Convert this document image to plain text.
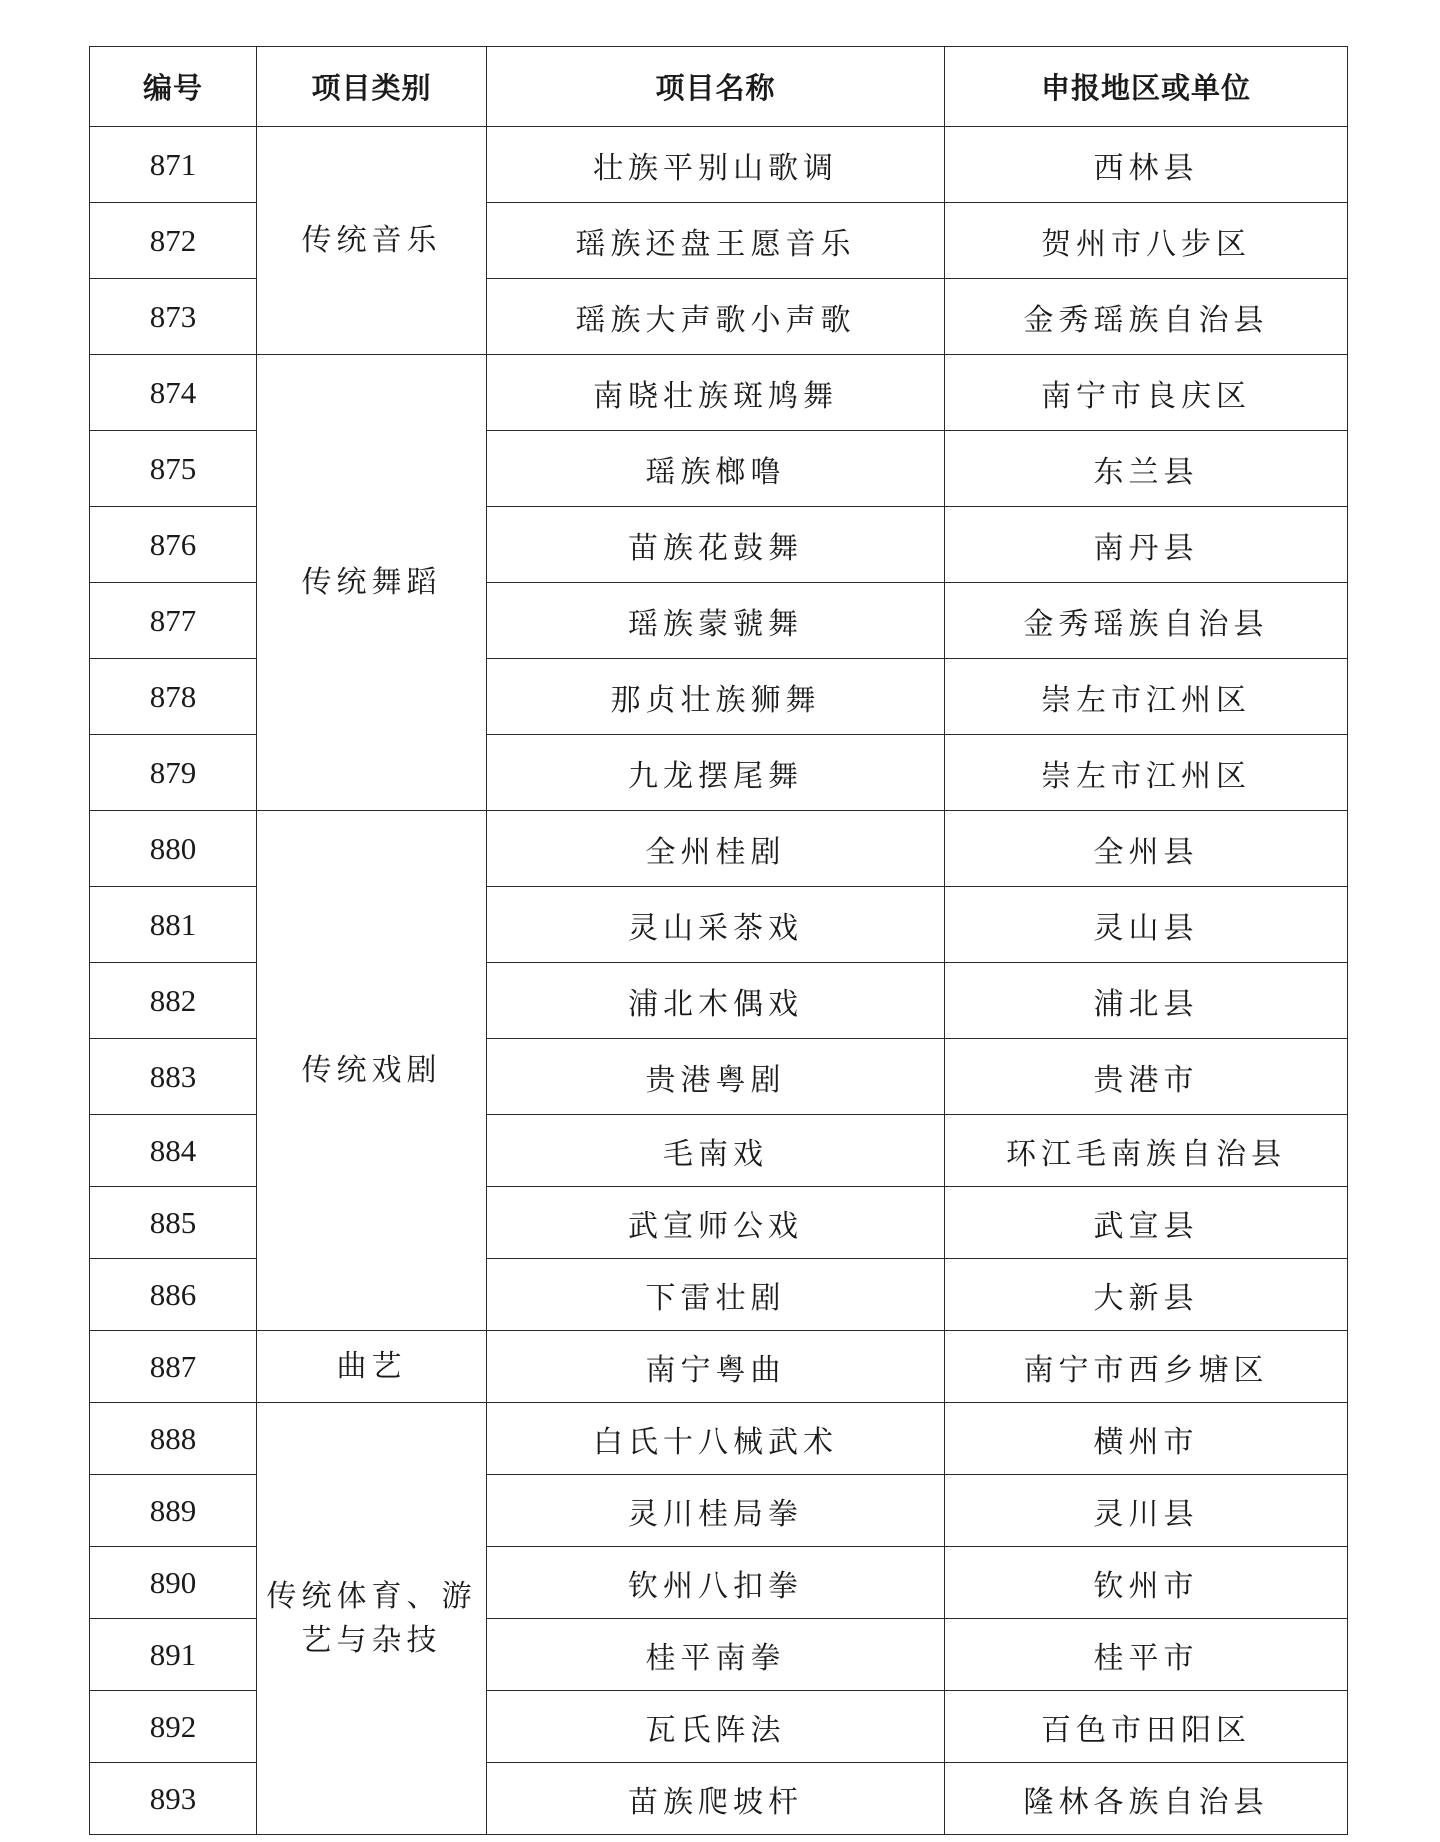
编号	项目类别	项目名称	申报地区或单位
871	传统音乐	壮族平别山歌调	西林县
872		瑶族还盘王愿音乐	贺州市八步区
873		瑶族大声歌小声歌	金秀瑶族自治县
874	传统舞蹈	南晓壮族斑鸠舞	南宁市良庆区
875		瑶族榔噜	东兰县
876		苗族花鼓舞	南丹县
877		瑶族蒙虢舞	金秀瑶族自治县
878		那贞壮族狮舞	崇左市江州区
879		九龙摆尾舞	崇左市江州区
880	传统戏剧	全州桂剧	全州县
881		灵山采茶戏	灵山县
882		浦北木偶戏	浦北县
883		贵港粤剧	贵港市
884		毛南戏	环江毛南族自治县
885		武宣师公戏	武宣县
886		下雷壮剧	大新县
887	曲艺	南宁粤曲	南宁市西乡塘区
888	传统体育、游艺与杂技	白氏十八械武术	横州市
889		灵川桂局拳	灵川县
890		钦州八扣拳	钦州市
891		桂平南拳	桂平市
892		瓦氏阵法	百色市田阳区
893		苗族爬坡杆	隆林各族自治县
